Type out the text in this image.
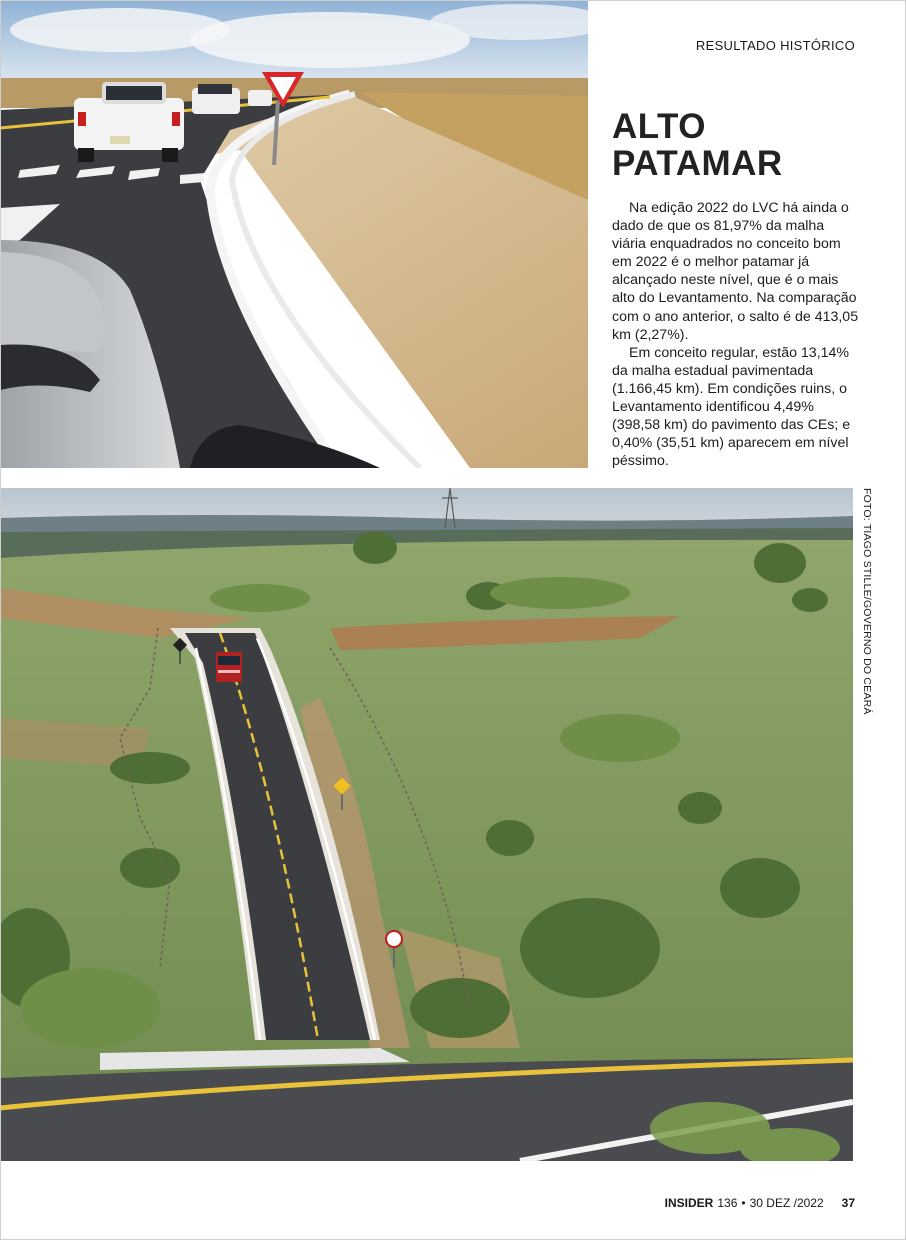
RESULTADO HISTÓRICO
ALTO
PATAMAR

Na edição 2022 do LVC há ainda o dado de que os 81,97% da malha viária enquadrados no conceito bom em 2022 é o melhor patamar já alcançado neste nível, que é o mais alto do Levantamento. Na comparação com o ano anterior, o salto é de 413,05 km (2,27%).

Em conceito regular, estão 13,14% da malha estadual pavimentada (1.166,45 km). Em condições ruins, o Levantamento identificou 4,49% (398,58 km) do pavimento das CEs; e 0,40% (35,51 km) aparecem em nível péssimo.

FOTO: TIAGO STILLE/GOVERNO DO CEARÁ
INSIDER 136 • 30 DEZ /2022 37
